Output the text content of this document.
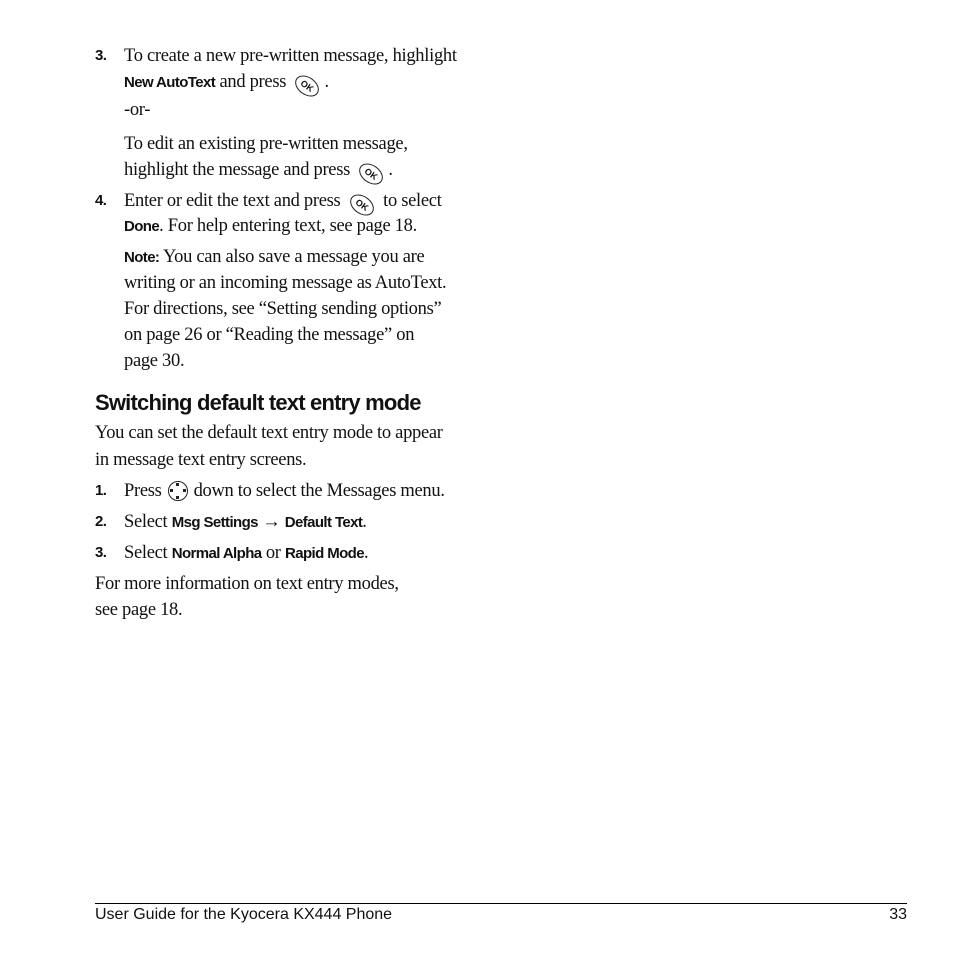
3. To create a new pre-written message, highlight
New AutoText and press OK .
-or-
To edit an existing pre-written message,
highlight the message and press OK .
4. Enter or edit the text and press OK to select
Done. For help entering text, see page 18.
Note: You can also save a message you are
writing or an incoming message as AutoText.
For directions, see “Setting sending options”
on page 26 or “Reading the message” on
page 30.
Switching default text entry mode
You can set the default text entry mode to appear
in message text entry screens.
1. Press down to select the Messages menu.
2. Select Msg Settings → Default Text.
3. Select Normal Alpha or Rapid Mode.
For more information on text entry modes,
see page 18.
User Guide for the Kyocera KX444 Phone	33
